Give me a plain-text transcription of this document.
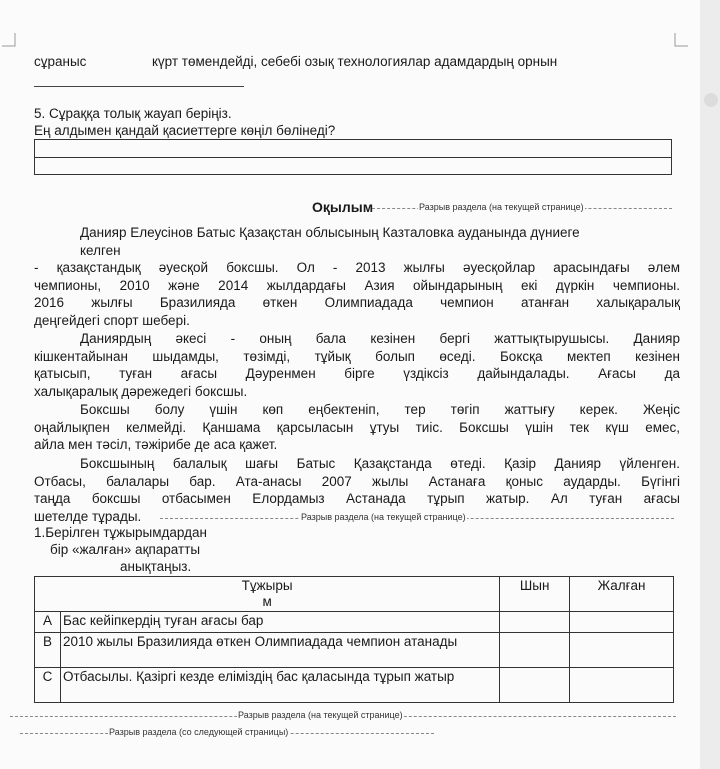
сұраныс	күрт төмендейді, себебі озық технологиялар адамдардың орнын
5. Сұраққа толық жауап беріңіз.
Ең алдымен қандай қасиеттерге көңіл бөлінеді?
Оқылым	Разрыв раздела (на текущей странице)
Данияр Елеусінов Батыс Қазақстан облысының Казталовка ауданында дүниеге
келген
- қазақстандық әуесқой боксшы. Ол - 2013 жылғы әуесқойлар арасындағы әлем
чемпионы, 2010 және 2014 жылдардағы Азия ойындарының екі дүркін чемпионы.
2016 жылғы Бразилияда өткен Олимпиадада чемпион атанған халықаралық
деңгейдегі спорт шебері.
Даниярдың әкесі - оның бала кезінен бергі жаттықтырушысы. Данияр
кішкентайынан шыдамды, төзімді, тұйық болып өседі. Боксқа мектеп кезінен
қатысып, туған ағасы Дәуренмен бірге үздіксіз дайындалады. Ағасы да
халықаралық дәрежедегі боксшы.
Боксшы болу үшін көп еңбектеніп, тер төгіп жаттығу керек. Жеңіс
оңайлықпен келмейді. Қаншама қарсыласын ұтуы тиіс. Боксшы үшін тек күш емес,
айла мен тәсіл, тәжірибе де аса қажет.
Боксшының балалық шағы Батыс Қазақстанда өтеді. Қазір Данияр үйленген.
Отбасы, балалары бар. Ата-анасы 2007 жылы Астанаға қоныс аударды. Бүгінгі
таңда боксшы отбасымен Елордамыз Астанада тұрып жатыр. Ал туған ағасы
шетелде тұрады.	Разрыв раздела (на текущей странице)
1.Берілген тұжырымдардан
бір «жалған» ақпаратты
анықтаңыз.
Тұжыры
м		Шын	Жалған
A	Бас кейіпкердің туған ағасы бар		
B	2010 жылы Бразилияда өткен Олимпиадада чемпион атанады		
C	Отбасылы. Қазіргі кезде еліміздің бас қаласында тұрып жатыр		
Разрыв раздела (на текущей странице)
Разрыв раздела (со следующей страницы)
